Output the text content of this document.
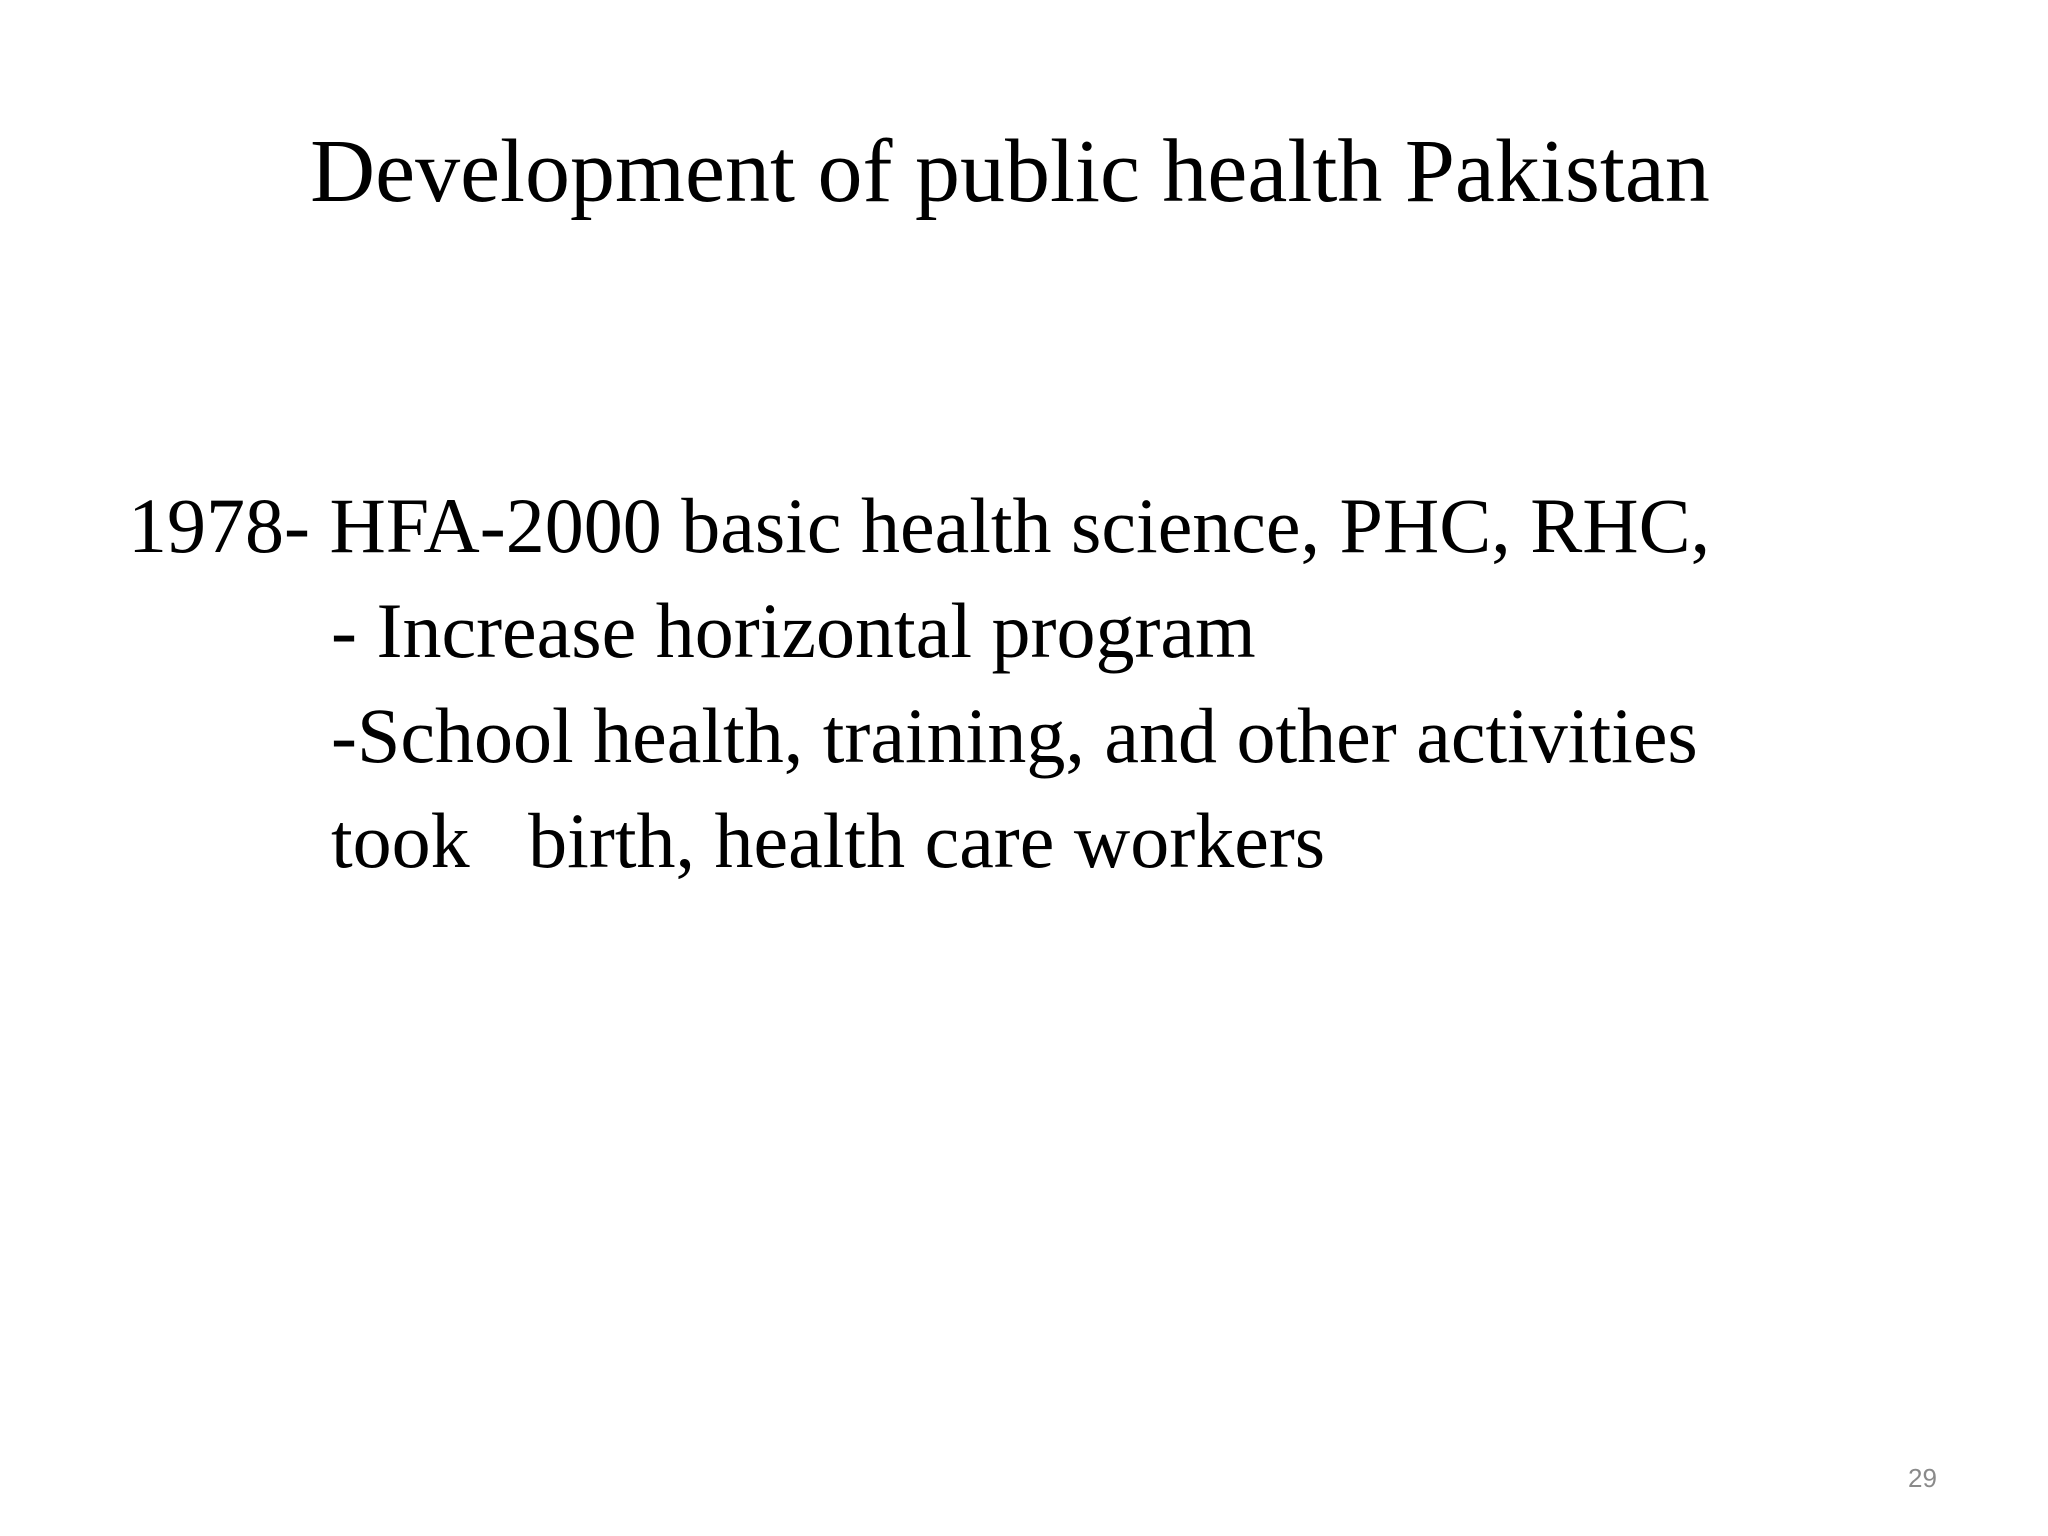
Development of public health Pakistan
1978- HFA-2000 basic health science, PHC, RHC,
- Increase horizontal program
-School health, training, and other activities
took   birth, health care workers
29
